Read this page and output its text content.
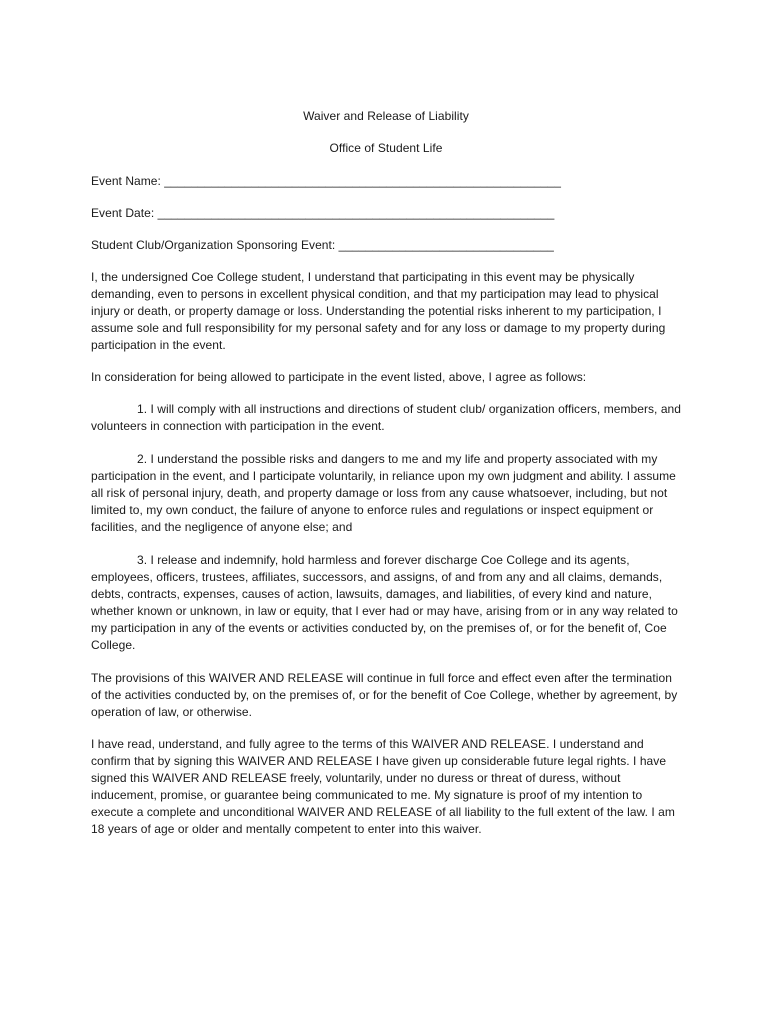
Waiver and Release of Liability
Office of Student Life
Event Name: ___________________________________________________________
Event Date: ___________________________________________________________
Student Club/Organization Sponsoring Event: ________________________________
I, the undersigned Coe College student, I understand that participating in this event may be physically demanding, even to persons in excellent physical condition, and that my participation may lead to physical injury or death, or property damage or loss. Understanding the potential risks inherent to my participation, I assume sole and full responsibility for my personal safety and for any loss or damage to my property during participation in the event.
In consideration for being allowed to participate in the event listed, above, I agree as follows:
1. I will comply with all instructions and directions of student club/ organization officers, members, and volunteers in connection with participation in the event.
2. I understand the possible risks and dangers to me and my life and property associated with my participation in the event, and I participate voluntarily, in reliance upon my own judgment and ability. I assume all risk of personal injury, death, and property damage or loss from any cause whatsoever, including, but not limited to, my own conduct, the failure of anyone to enforce rules and regulations or inspect equipment or facilities, and the negligence of anyone else; and
3. I release and indemnify, hold harmless and forever discharge Coe College and its agents, employees, officers, trustees, affiliates, successors, and assigns, of and from any and all claims, demands, debts, contracts, expenses, causes of action, lawsuits, damages, and liabilities, of every kind and nature, whether known or unknown, in law or equity, that I ever had or may have, arising from or in any way related to my participation in any of the events or activities conducted by, on the premises of, or for the benefit of, Coe College.
The provisions of this WAIVER AND RELEASE will continue in full force and effect even after the termination of the activities conducted by, on the premises of, or for the benefit of Coe College, whether by agreement, by operation of law, or otherwise.
I have read, understand, and fully agree to the terms of this WAIVER AND RELEASE. I understand and confirm that by signing this WAIVER AND RELEASE I have given up considerable future legal rights. I have signed this WAIVER AND RELEASE freely, voluntarily, under no duress or threat of duress, without inducement, promise, or guarantee being communicated to me. My signature is proof of my intention to execute a complete and unconditional WAIVER AND RELEASE of all liability to the full extent of the law. I am 18 years of age or older and mentally competent to enter into this waiver.
